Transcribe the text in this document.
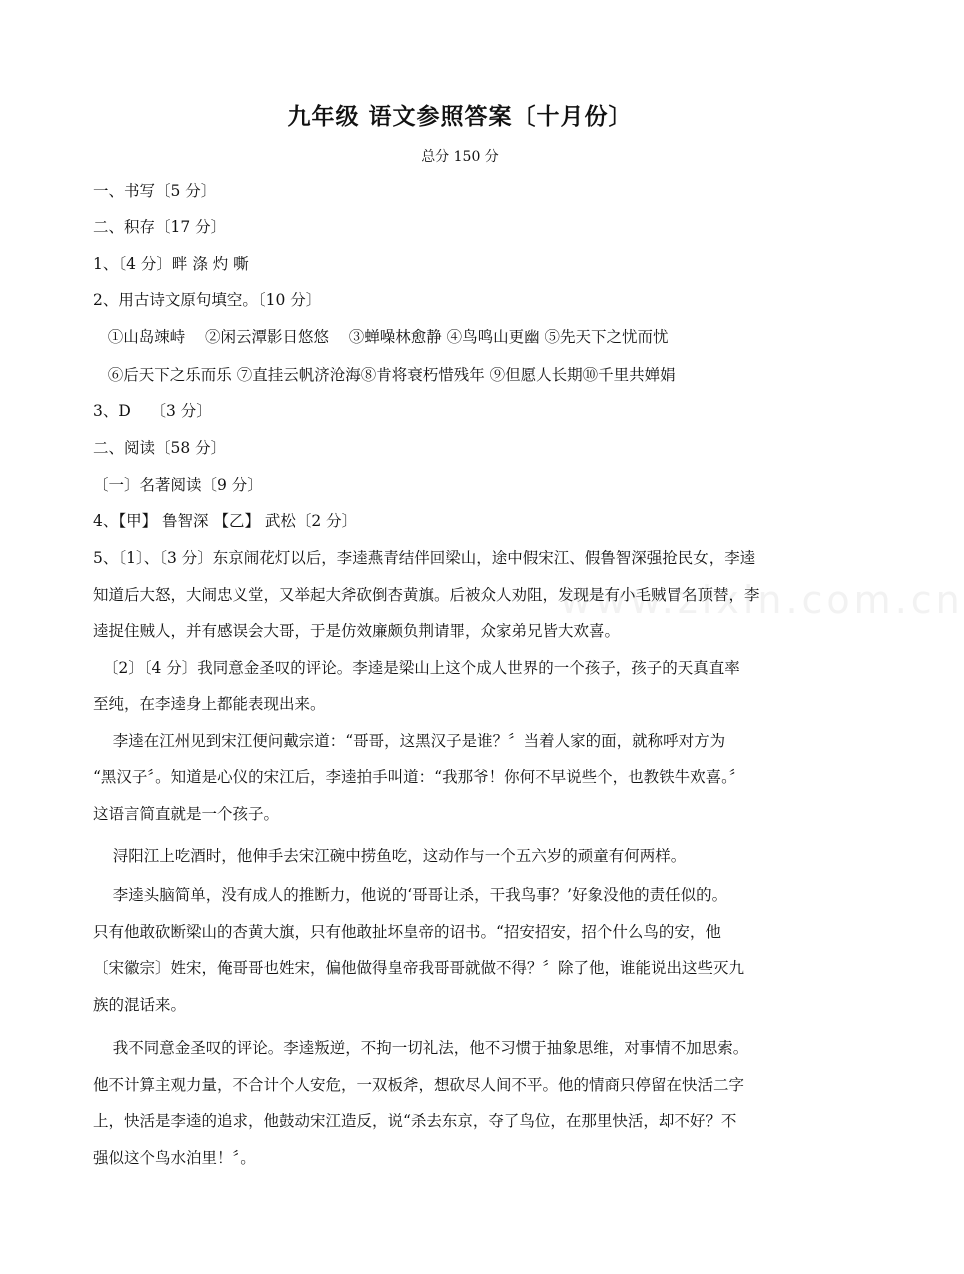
www.zixin.com.cn
九年级 语文参照答案〔十月份〕
总分 150 分
一、书写〔5 分〕
二、积存〔17 分〕
1、〔4 分〕畔 涤 灼 嘶
2、用古诗文原句填空。〔10 分〕
①山岛竦峙    ②闲云潭影日悠悠    ③蝉噪林愈静 ④鸟鸣山更幽 ⑤先天下之忧而忧
⑥后天下之乐而乐 ⑦直挂云帆济沧海⑧肯将衰朽惜残年 ⑨但愿人长期⑩千里共婵娟
3、D    〔3 分〕
二、阅读〔58 分〕
〔一〕名著阅读〔9 分〕
4、【甲】 鲁智深 【乙】 武松〔2 分〕
5、〔1〕、〔3 分〕东京闹花灯以后，李逵燕青结伴回梁山，途中假宋江、假鲁智深强抢民女，李逵
知道后大怒，大闹忠义堂，又举起大斧砍倒杏黄旗。后被众人劝阻，发现是有小毛贼冒名顶替，李
逵捉住贼人，并有感误会大哥，于是仿效廉颇负荆请罪，众家弟兄皆大欢喜。
〔2〕〔4 分〕我同意金圣叹的评论。李逵是梁山上这个成人世界的一个孩子，孩子的天真直率
至纯，在李逵身上都能表现出来。
李逵在江州见到宋江便问戴宗道：“哥哥，这黑汉子是谁？〞当着人家的面，就称呼对方为
“黑汉子〞。知道是心仪的宋江后，李逵拍手叫道：“我那爷！你何不早说些个，也教铁牛欢喜。〞
这语言简直就是一个孩子。
浔阳江上吃酒时，他伸手去宋江碗中捞鱼吃，这动作与一个五六岁的顽童有何两样。
李逵头脑简单，没有成人的推断力，他说的‘哥哥让杀，干我鸟事？’好象没他的责任似的。
只有他敢砍断梁山的杏黄大旗，只有他敢扯坏皇帝的诏书。“招安招安，招个什么鸟的安，他
〔宋徽宗〕姓宋，俺哥哥也姓宋，偏他做得皇帝我哥哥就做不得？〞除了他，谁能说出这些灭九
族的混话来。
我不同意金圣叹的评论。李逵叛逆，不拘一切礼法，他不习惯于抽象思维，对事情不加思索。
他不计算主观力量，不合计个人安危，一双板斧，想砍尽人间不平。他的情商只停留在快活二字
上，快活是李逵的追求，他鼓动宋江造反，说“杀去东京，夺了鸟位，在那里快活，却不好？不
强似这个鸟水泊里！〞。
